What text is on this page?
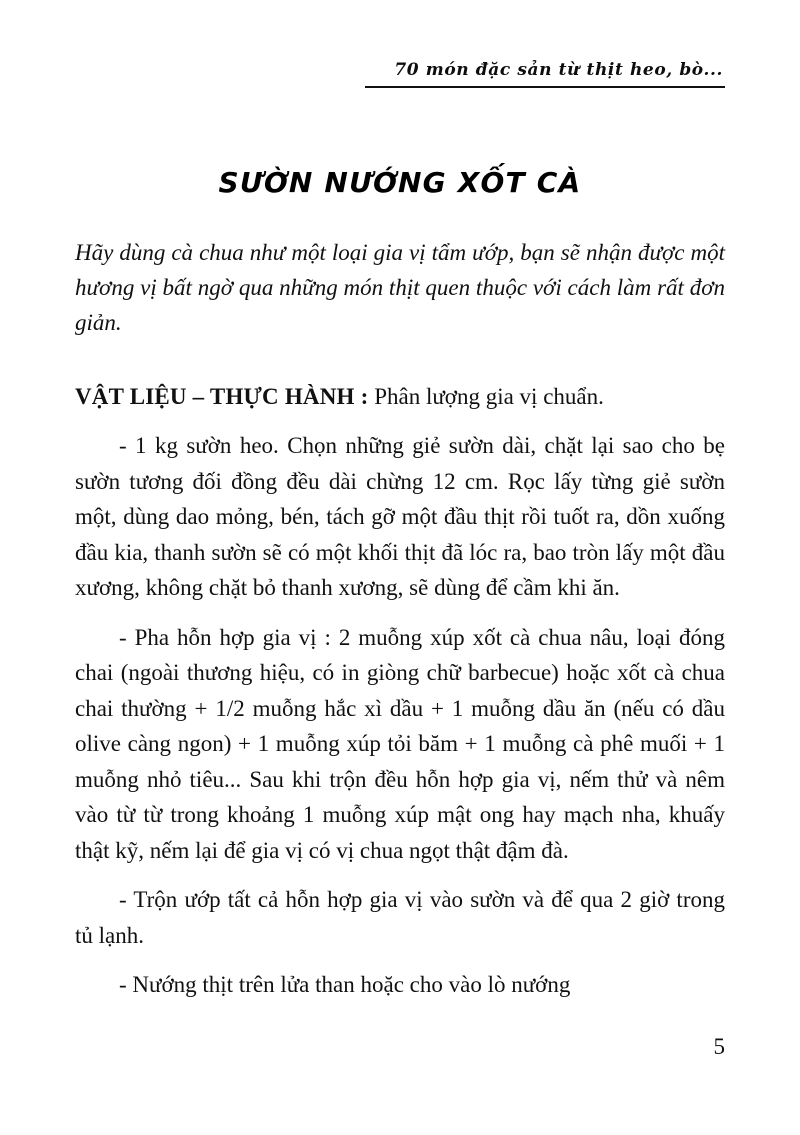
70 món đặc sản từ thịt heo, bò...
SƯỜN NƯỚNG XỐT CÀ
Hãy dùng cà chua như một loại gia vị tẩm ướp, bạn sẽ nhận được một hương vị bất ngờ qua những món thịt quen thuộc với cách làm rất đơn giản.
VẬT LIỆU – THỰC HÀNH : Phân lượng gia vị chuẩn.

- 1 kg sườn heo. Chọn những giẻ sườn dài, chặt lại sao cho bẹ sườn tương đối đồng đều dài chừng 12 cm. Rọc lấy từng giẻ sườn một, dùng dao mỏng, bén, tách gỡ một đầu thịt rồi tuốt ra, dồn xuống đầu kia, thanh sườn sẽ có một khối thịt đã lóc ra, bao tròn lấy một đầu xương, không chặt bỏ thanh xương, sẽ dùng để cầm khi ăn.

- Pha hỗn hợp gia vị : 2 muỗng xúp xốt cà chua nâu, loại đóng chai (ngoài thương hiệu, có in giòng chữ barbecue) hoặc xốt cà chua chai thường + 1/2 muỗng hắc xì dầu + 1 muỗng dầu ăn (nếu có dầu olive càng ngon) + 1 muỗng xúp tỏi băm + 1 muỗng cà phê muối + 1 muỗng nhỏ tiêu... Sau khi trộn đều hỗn hợp gia vị, nếm thử và nêm vào từ từ trong khoảng 1 muỗng xúp mật ong hay mạch nha, khuấy thật kỹ, nếm lại để gia vị có vị chua ngọt thật đậm đà.

- Trộn ướp tất cả hỗn hợp gia vị vào sườn và để qua 2 giờ trong tủ lạnh.

- Nướng thịt trên lửa than hoặc cho vào lò nướng

5
